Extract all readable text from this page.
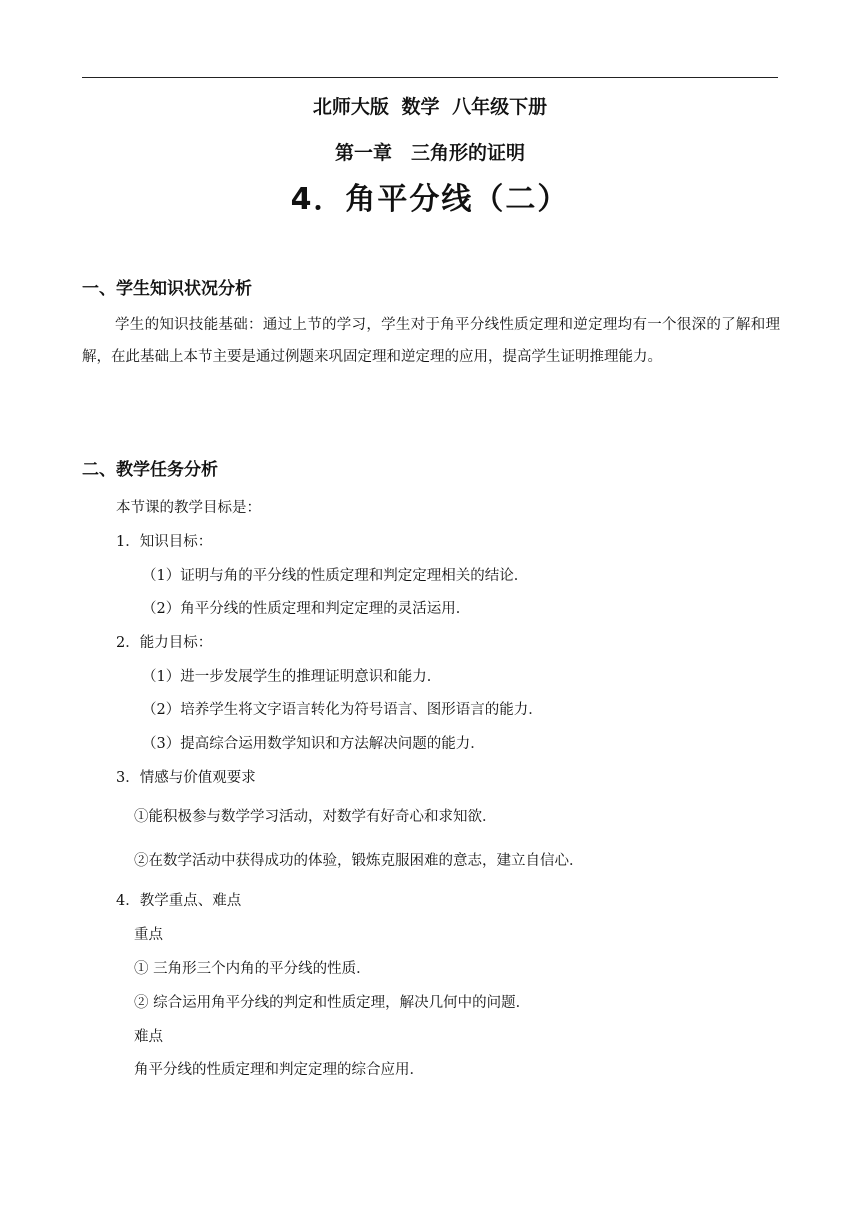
北师大版 数学 八年级下册
第一章　三角形的证明
4．角平分线（二）
一、学生知识状况分析
学生的知识技能基础：通过上节的学习，学生对于角平分线性质定理和逆定理均有一个很深的了解和理解，在此基础上本节主要是通过例题来巩固定理和逆定理的应用，提高学生证明推理能力。
二、教学任务分析
本节课的教学目标是：
1．知识目标：
（1）证明与角的平分线的性质定理和判定定理相关的结论．
（2）角平分线的性质定理和判定定理的灵活运用．
2．能力目标：
（1）进一步发展学生的推理证明意识和能力．
（2）培养学生将文字语言转化为符号语言、图形语言的能力．
（3）提高综合运用数学知识和方法解决问题的能力．
3．情感与价值观要求
①能积极参与数学学习活动，对数学有好奇心和求知欲．
②在数学活动中获得成功的体验，锻炼克服困难的意志，建立自信心．
4．教学重点、难点
重点
① 三角形三个内角的平分线的性质．
② 综合运用角平分线的判定和性质定理，解决几何中的问题．
难点
角平分线的性质定理和判定定理的综合应用．
